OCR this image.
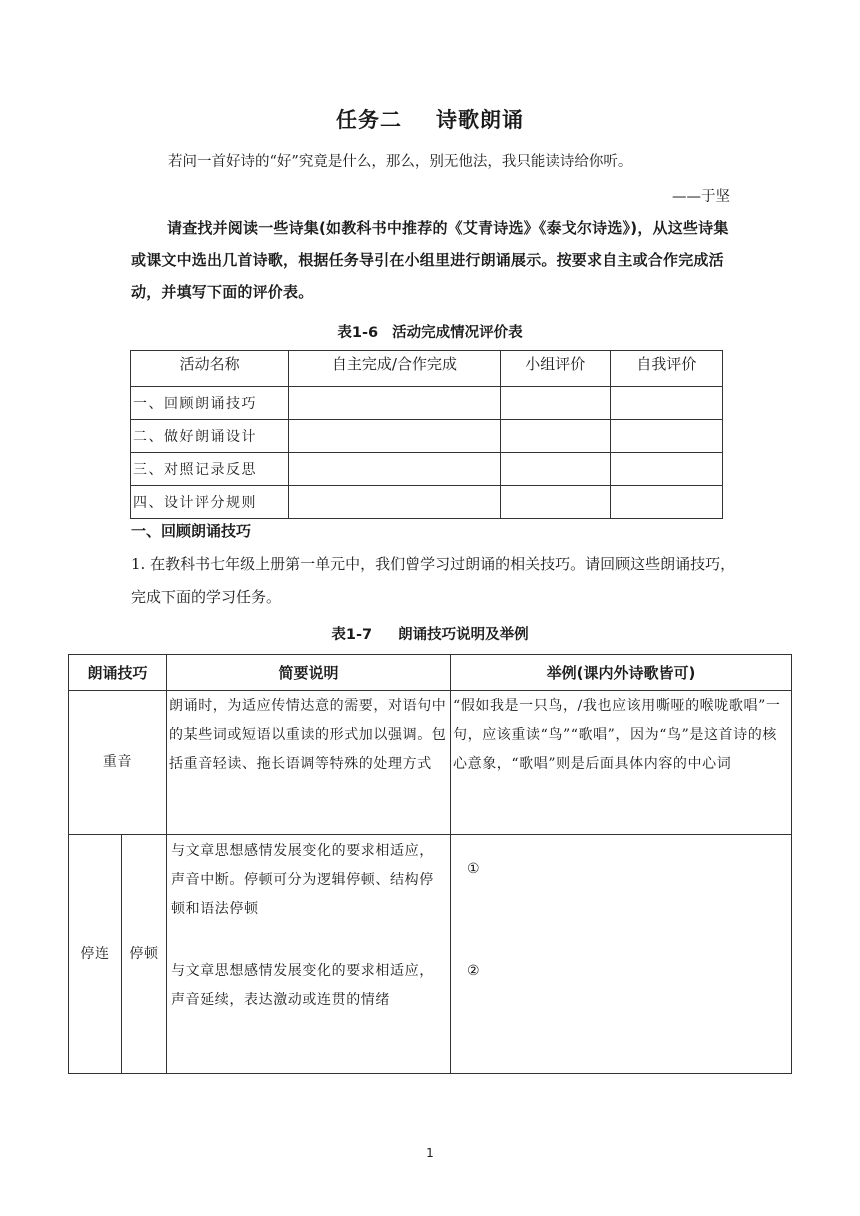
任务二 诗歌朗诵
若问一首好诗的“好”究竟是什么，那么，别无他法，我只能读诗给你听。
——于坚
请查找并阅读一些诗集(如教科书中推荐的《艾青诗选》《泰戈尔诗选》)，从这些诗集或课文中选出几首诗歌，根据任务导引在小组里进行朗诵展示。按要求自主或合作完成活动，并填写下面的评价表。
表1-6 活动完成情况评价表
活动名称	自主完成/合作完成	小组评价	自我评价
一、回顾朗诵技巧			
二、做好朗诵设计			
三、对照记录反思			
四、设计评分规则			
一、回顾朗诵技巧
1. 在教科书七年级上册第一单元中，我们曾学习过朗诵的相关技巧。请回顾这些朗诵技巧，完成下面的学习任务。
表1-7 朗诵技巧说明及举例
朗诵技巧		简要说明	举例(课内外诗歌皆可)
重音		朗诵时，为适应传情达意的需要，对语句中的某些词或短语以重读的形式加以强调。包括重音轻读、拖长语调等特殊的处理方式	“假如我是一只鸟，/我也应该用嘶哑的喉咙歌唱”一句，应该重读“鸟”“歌唱”，因为“鸟”是这首诗的核心意象，“歌唱”则是后面具体内容的中心词
停连	停顿	与文章思想感情发展变化的要求相适应，声音中断。停顿可分为逻辑停顿、结构停顿和语法停顿	①
		与文章思想感情发展变化的要求相适应，声音延续，表达激动或连贯的情绪	②
1
